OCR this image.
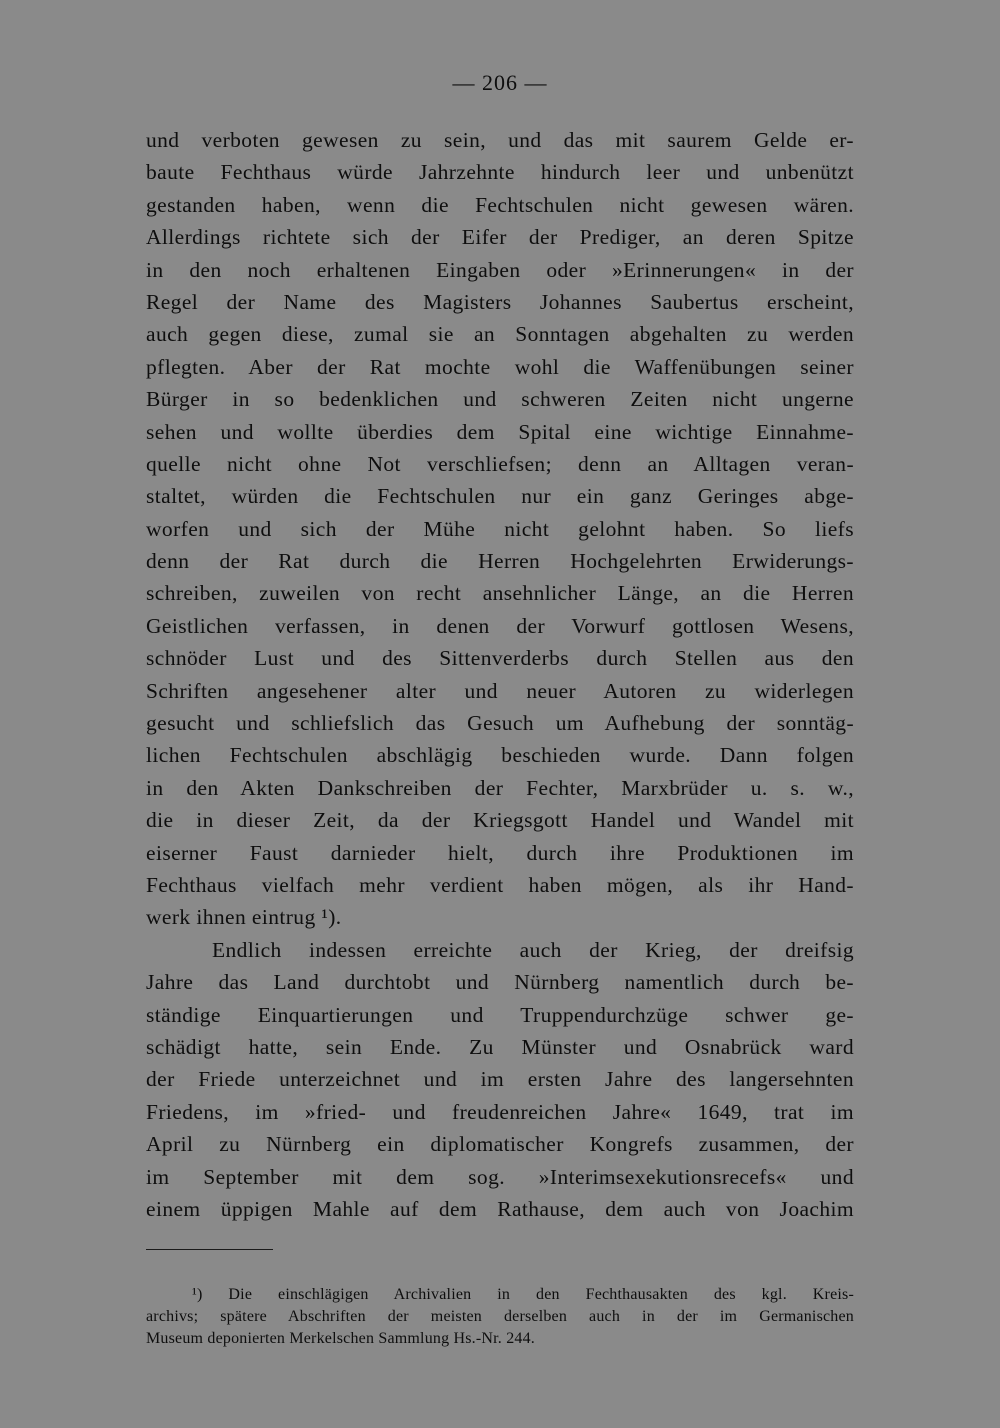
— 206 —
und verboten gewesen zu sein, und das mit saurem Gelde er-
baute Fechthaus würde Jahrzehnte hindurch leer und unbenützt
gestanden haben, wenn die Fechtschulen nicht gewesen wären.
Allerdings richtete sich der Eifer der Prediger, an deren Spitze
in den noch erhaltenen Eingaben oder »Erinnerungen« in der
Regel der Name des Magisters Johannes Saubertus erscheint,
auch gegen diese, zumal sie an Sonntagen abgehalten zu werden
pflegten. Aber der Rat mochte wohl die Waffenübungen seiner
Bürger in so bedenklichen und schweren Zeiten nicht ungerne
sehen und wollte überdies dem Spital eine wichtige Einnahme-
quelle nicht ohne Not verschliefsen; denn an Alltagen veran-
staltet, würden die Fechtschulen nur ein ganz Geringes abge-
worfen und sich der Mühe nicht gelohnt haben. So liefs
denn der Rat durch die Herren Hochgelehrten Erwiderungs-
schreiben, zuweilen von recht ansehnlicher Länge, an die Herren
Geistlichen verfassen, in denen der Vorwurf gottlosen Wesens,
schnöder Lust und des Sittenverderbs durch Stellen aus den
Schriften angesehener alter und neuer Autoren zu widerlegen
gesucht und schliefslich das Gesuch um Aufhebung der sonntäg-
lichen Fechtschulen abschlägig beschieden wurde. Dann folgen
in den Akten Dankschreiben der Fechter, Marxbrüder u. s. w.,
die in dieser Zeit, da der Kriegsgott Handel und Wandel mit
eiserner Faust darnieder hielt, durch ihre Produktionen im
Fechthaus vielfach mehr verdient haben mögen, als ihr Hand-
werk ihnen eintrug ¹).
Endlich indessen erreichte auch der Krieg, der dreifsig
Jahre das Land durchtobt und Nürnberg namentlich durch be-
ständige Einquartierungen und Truppendurchzüge schwer ge-
schädigt hatte, sein Ende. Zu Münster und Osnabrück ward
der Friede unterzeichnet und im ersten Jahre des langersehnten
Friedens, im »fried- und freudenreichen Jahre« 1649, trat im
April zu Nürnberg ein diplomatischer Kongrefs zusammen, der
im September mit dem sog. »Interimsexekutionsrecefs« und
einem üppigen Mahle auf dem Rathause, dem auch von Joachim
¹) Die einschlägigen Archivalien in den Fechthausakten des kgl. Kreis-
archivs; spätere Abschriften der meisten derselben auch in der im Germanischen
Museum deponierten Merkelschen Sammlung Hs.-Nr. 244.
